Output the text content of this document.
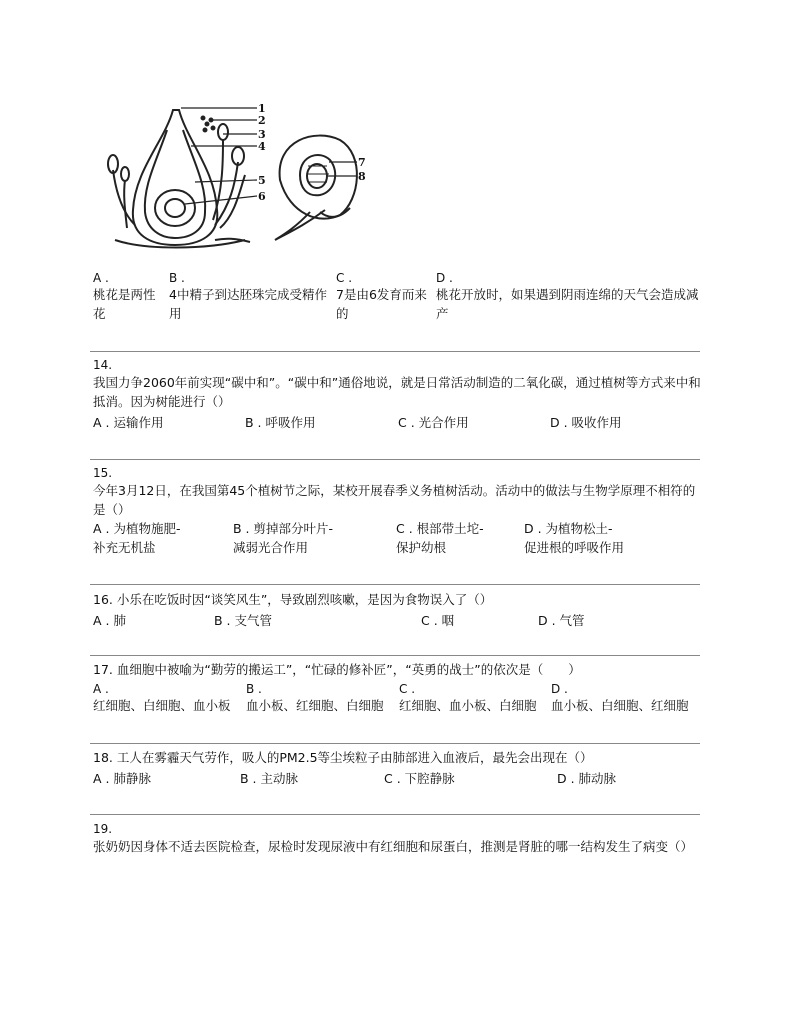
1
2
3
4
5
6
7
8
A .
桃花是两性花
B .
4中精子到达胚珠完成受精作用
C .
7是由6发育而来的
D .
桃花开放时，如果遇到阴雨连绵的天气会造成减产
14.
我国力争2060年前实现“碳中和”。“碳中和”通俗地说，就是日常活动制造的二氧化碳，通过植树等方式来中和抵消。因为树能进行（）
A . 运输作用	B . 呼吸作用	C . 光合作用	D . 吸收作用
15.
今年3月12日，在我国第45个植树节之际，某校开展春季义务植树活动。活动中的做法与生物学原理不相符的是（）
A . 为植物施肥-
补充无机盐
B . 剪掉部分叶片-
减弱光合作用
C . 根部带土坨-
保护幼根
D . 为植物松土-
促进根的呼吸作用
16. 小乐在吃饭时因“谈笑风生”，导致剧烈咳嗽，是因为食物误入了（）
A . 肺	B . 支气管	C . 咽	D . 气管
17. 血细胞中被喻为“勤劳的搬运工”，“忙碌的修补匠”，“英勇的战士”的依次是（　　）
A .
红细胞、白细胞、血小板
B .
血小板、红细胞、白细胞
C .
红细胞、血小板、白细胞
D .
血小板、白细胞、红细胞
18. 工人在雾霾天气劳作，吸人的PM2.5等尘埃粒子由肺部进入血液后，最先会出现在（）
A . 肺静脉	B . 主动脉	C . 下腔静脉	D . 肺动脉
19.
张奶奶因身体不适去医院检查，尿检时发现尿液中有红细胞和尿蛋白，推测是肾脏的哪一结构发生了病变（）
